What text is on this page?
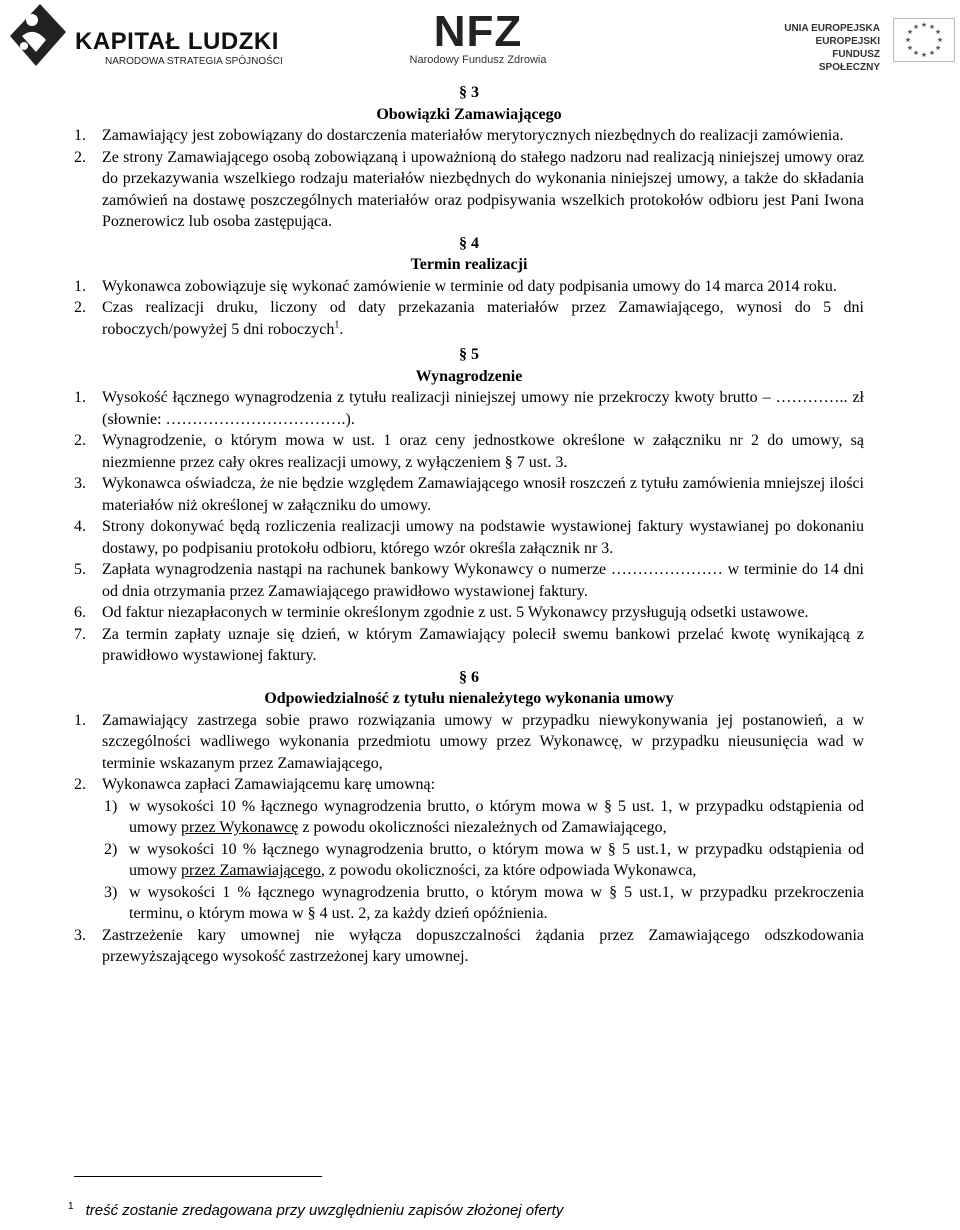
KAPITAŁ LUDZKI
NARODOWA STRATEGIA SPÓJNOŚCI
NFZ
Narodowy Fundusz Zdrowia
UNIA EUROPEJSKA
EUROPEJSKI
FUNDUSZ SPOŁECZNY
★ ★
★
★
★
★
★
★
★
★
★
★
§ 3
Obowiązki Zamawiającego
1.	Zamawiający jest zobowiązany do dostarczenia materiałów merytorycznych niezbędnych do realizacji zamówienia.
2.	Ze strony Zamawiającego osobą zobowiązaną i upoważnioną do stałego nadzoru nad realizacją niniejszej umowy oraz do przekazywania wszelkiego rodzaju materiałów niezbędnych do wykonania niniejszej umowy, a także do składania zamówień na dostawę poszczególnych materiałów oraz podpisywania wszelkich protokołów odbioru jest Pani Iwona Poznerowicz lub osoba zastępująca.
§ 4
Termin realizacji
1.	Wykonawca zobowiązuje się wykonać zamówienie w terminie od daty podpisania umowy do 14 marca 2014 roku.
2.	Czas realizacji druku, liczony od daty przekazania materiałów przez Zamawiającego, wynosi do 5 dni roboczych/powyżej 5 dni roboczych$^1$.
§ 5
Wynagrodzenie
1.	Wysokość łącznego wynagrodzenia z tytułu realizacji niniejszej umowy nie przekroczy kwoty brutto – ………….. zł (słownie: …………………………….).
2.	Wynagrodzenie, o którym mowa w ust. 1 oraz ceny jednostkowe określone w załączniku nr 2 do umowy, są niezmienne przez cały okres realizacji umowy, z wyłączeniem § 7 ust. 3.
3.	Wykonawca oświadcza, że nie będzie względem Zamawiającego wnosił roszczeń z tytułu zamówienia mniejszej ilości materiałów niż określonej w załączniku do umowy.
4.	Strony dokonywać będą rozliczenia realizacji umowy na podstawie wystawionej faktury wystawianej po dokonaniu dostawy, po podpisaniu protokołu odbioru, którego wzór określa załącznik nr 3.
5.	Zapłata wynagrodzenia nastąpi na rachunek bankowy Wykonawcy o numerze ………………… w terminie do 14 dni od dnia otrzymania przez Zamawiającego prawidłowo wystawionej faktury.
6.	Od faktur niezapłaconych w terminie określonym zgodnie z ust. 5 Wykonawcy przysługują odsetki ustawowe.
7.	Za termin zapłaty uznaje się dzień, w którym Zamawiający polecił swemu bankowi przelać kwotę wynikającą z prawidłowo wystawionej faktury.
§ 6
Odpowiedzialność z tytułu nienależytego wykonania umowy
1.	Zamawiający zastrzega sobie prawo rozwiązania umowy w przypadku niewykonywania jej postanowień, a w szczególności wadliwego wykonania przedmiotu umowy przez Wykonawcę, w przypadku nieusunięcia wad w terminie wskazanym przez Zamawiającego,
2.	Wykonawca zapłaci Zamawiającemu karę umowną:
1) w wysokości 10 % łącznego wynagrodzenia brutto, o którym mowa w § 5 ust. 1, w przypadku odstąpienia od umowy przez Wykonawcę z powodu okoliczności niezależnych od Zamawiającego,
2) w wysokości 10 % łącznego wynagrodzenia brutto, o którym mowa w § 5 ust.1, w przypadku odstąpienia od umowy przez Zamawiającego, z powodu okoliczności, za które odpowiada Wykonawca,
3) w wysokości 1 % łącznego wynagrodzenia brutto, o którym mowa w § 5 ust.1, w przypadku przekroczenia terminu, o którym mowa w § 4 ust. 2, za każdy dzień opóźnienia.
3.	Zastrzeżenie kary umownej nie wyłącza dopuszczalności żądania przez Zamawiającego odszkodowania przewyższającego wysokość zastrzeżonej kary umownej.
$^1$ treść zostanie zredagowana przy uwzględnieniu zapisów złożonej oferty
